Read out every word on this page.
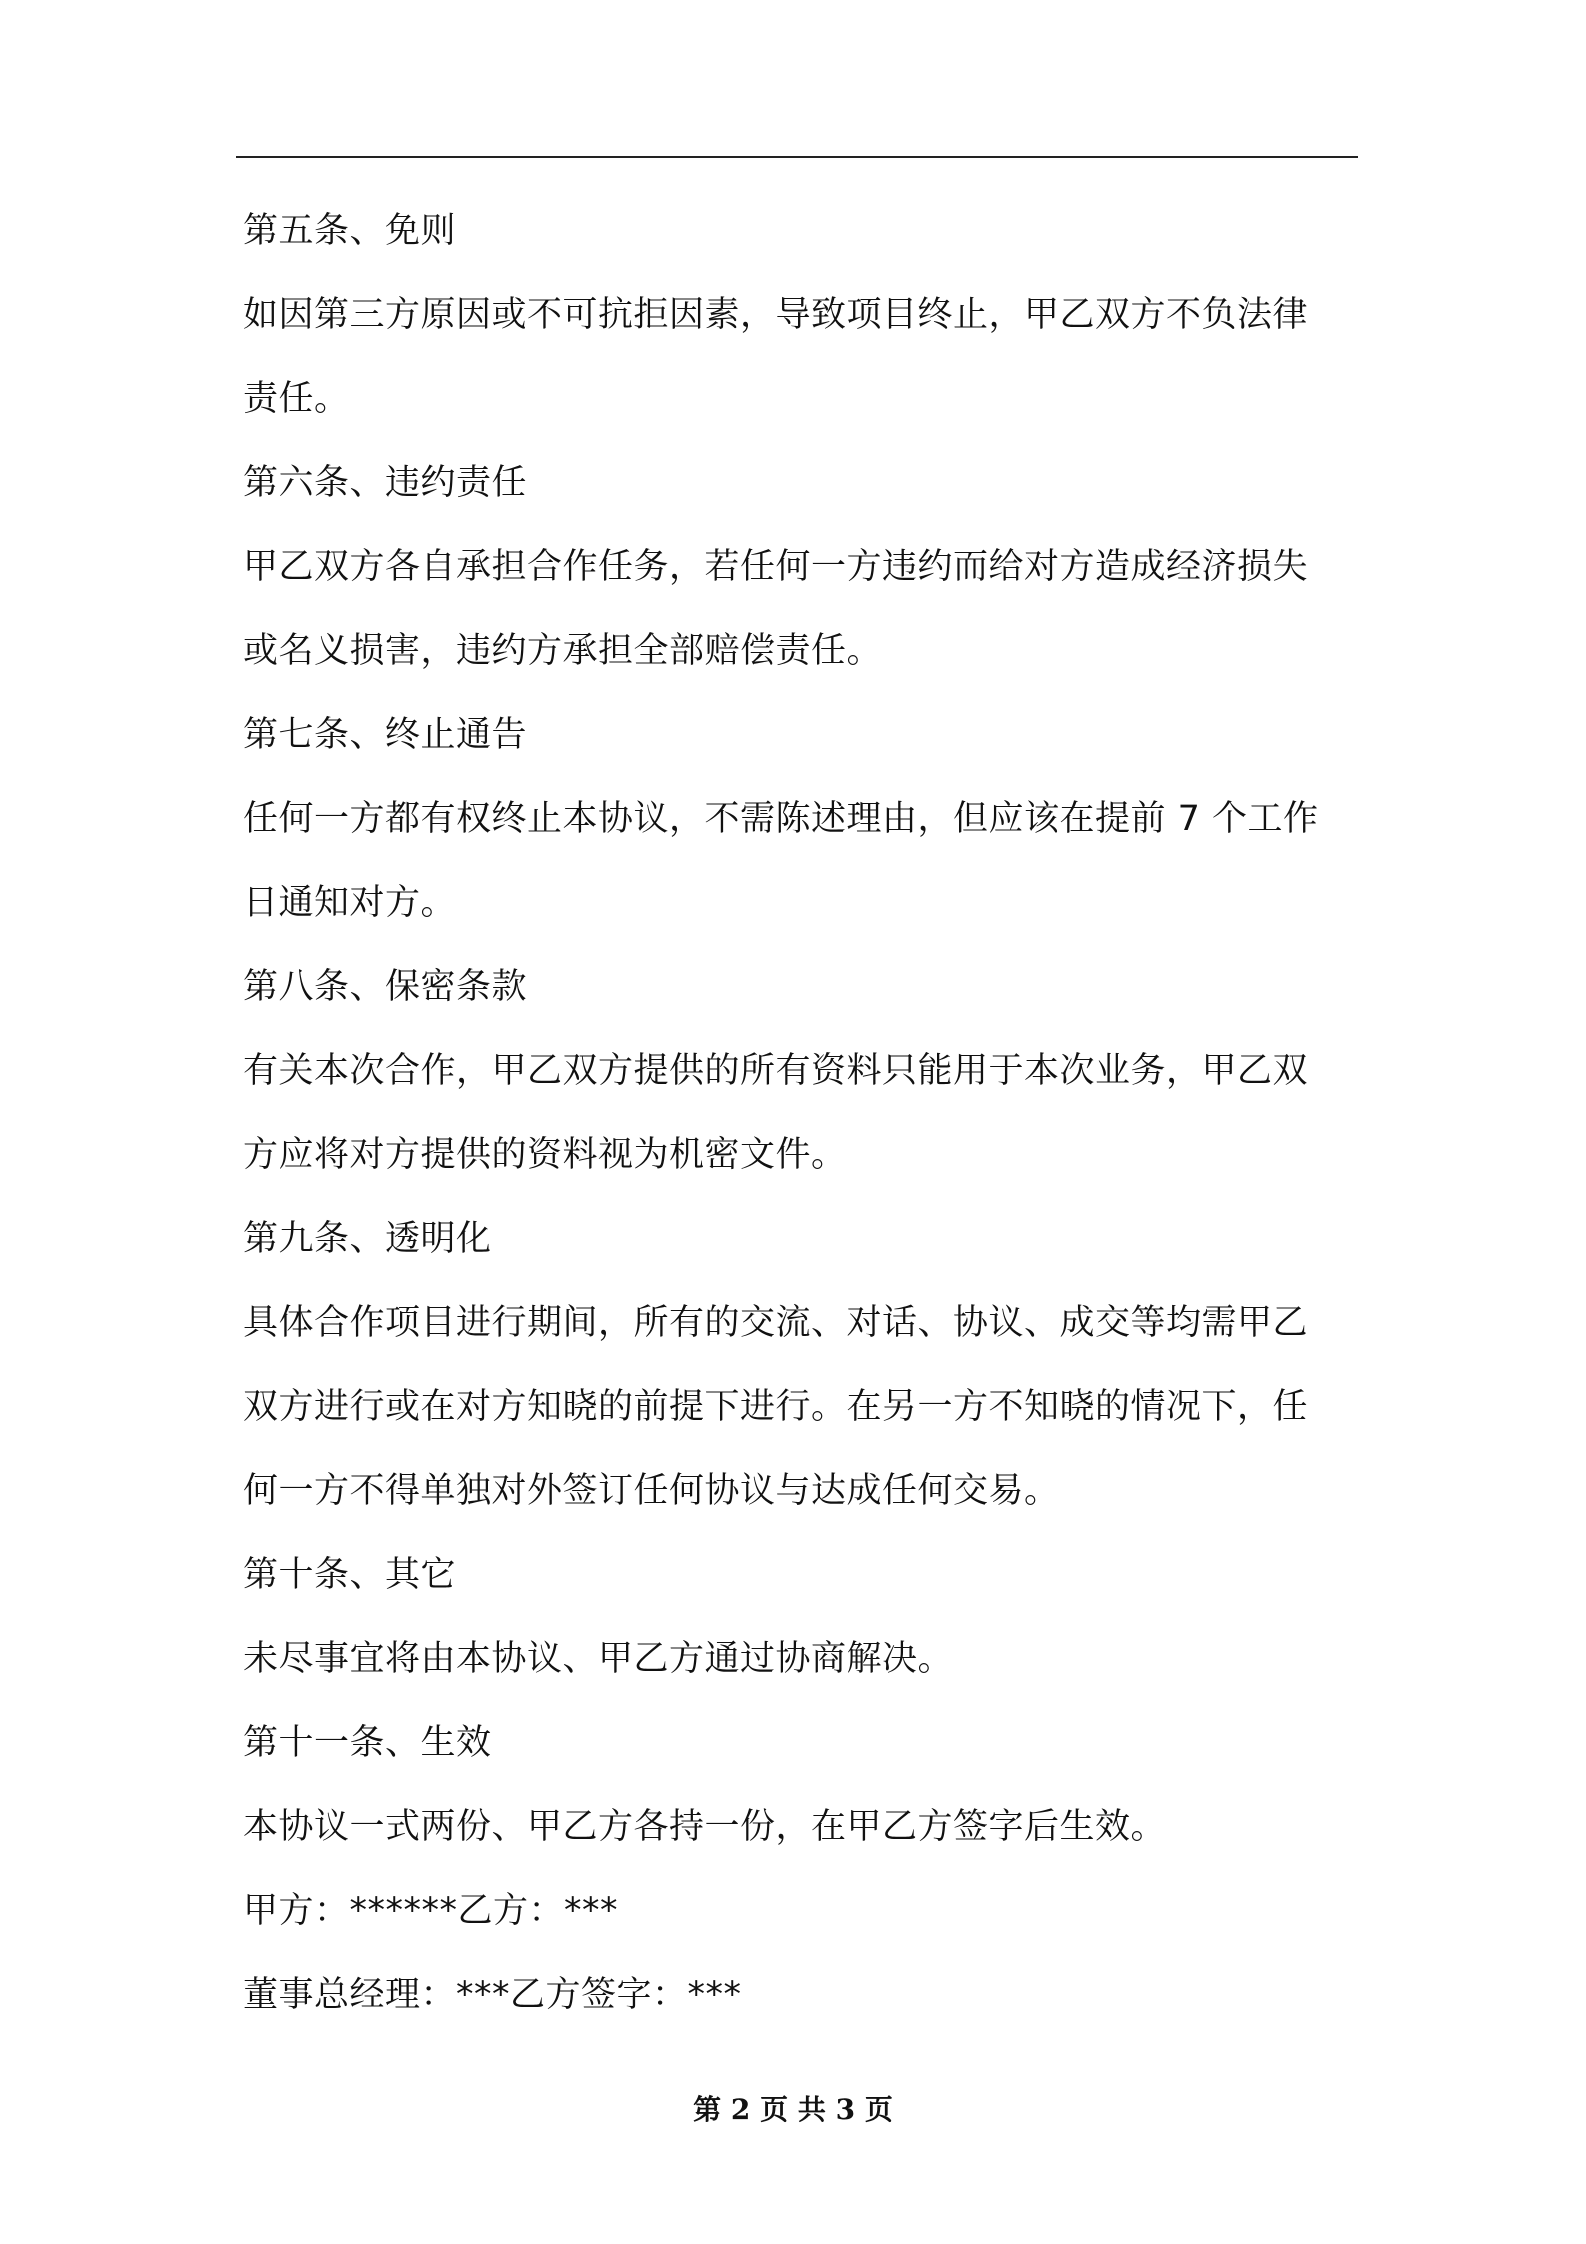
第五条、免则
如因第三方原因或不可抗拒因素，导致项目终止，甲乙双方不负法律
责任。
第六条、违约责任
甲乙双方各自承担合作任务，若任何一方违约而给对方造成经济损失
或名义损害，违约方承担全部赔偿责任。
第七条、终止通告
任何一方都有权终止本协议，不需陈述理由，但应该在提前 7 个工作
日通知对方。
第八条、保密条款
有关本次合作，甲乙双方提供的所有资料只能用于本次业务，甲乙双
方应将对方提供的资料视为机密文件。
第九条、透明化
具体合作项目进行期间，所有的交流、对话、协议、成交等均需甲乙
双方进行或在对方知晓的前提下进行。在另一方不知晓的情况下，任
何一方不得单独对外签订任何协议与达成任何交易。
第十条、其它
未尽事宜将由本协议、甲乙方通过协商解决。
第十一条、生效
本协议一式两份、甲乙方各持一份，在甲乙方签字后生效。
甲方：******乙方：***
董事总经理：***乙方签字：***
第 2 页 共 3 页
